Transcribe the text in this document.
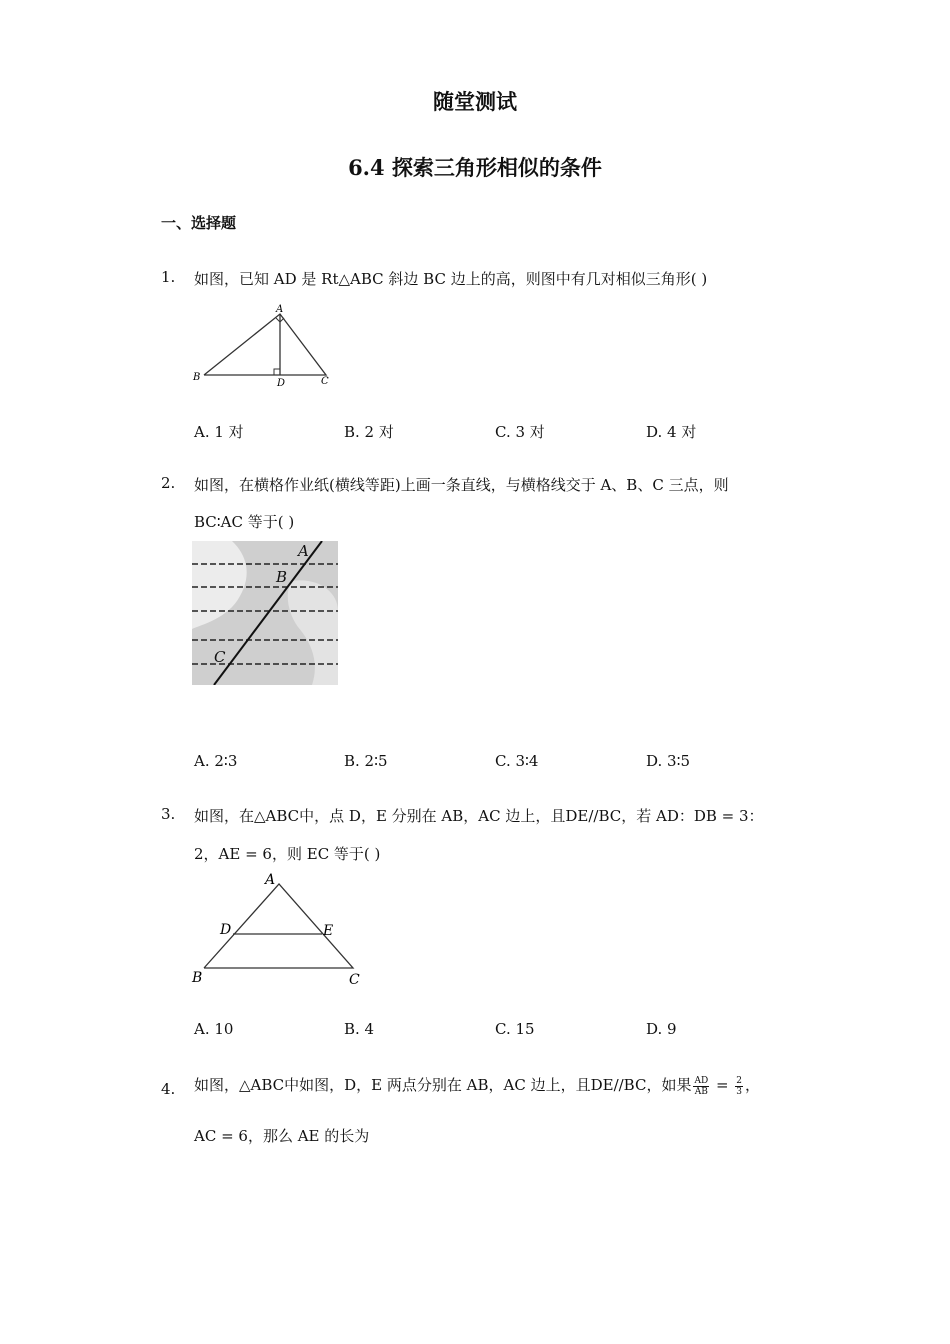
随堂测试
6.4 探索三角形相似的条件
一、选择题
1. 如图，已知 AD 是 Rt△ABC 斜边 BC 边上的高，则图中有几对相似三角形( )
A
B
D	C
A. 1 对	B. 2 对	C. 3 对	D. 4 对
2. 如图，在横格作业纸(横线等距)上画一条直线，与横格线交于 A、B、C 三点，则
BC∶AC 等于( )
A
B
C
A. 2∶3	B. 2∶5	C. 3∶4	D. 3∶5
3. 如图，在△ABC中，点 D，E 分别在 AB，AC 边上，且DE//BC，若 AD：DB = 3：
2，AE = 6，则 EC 等于( )
A
D	E
B	C
A. 10	B. 4	C. 15	D. 9
4. 如图，△ABC中如图，D，E 两点分别在 AB，AC 边上，且DE//BC，如果 $\frac{AD}{AB} = \frac{2}{3}$ ，
AC = 6，那么 AE 的长为
